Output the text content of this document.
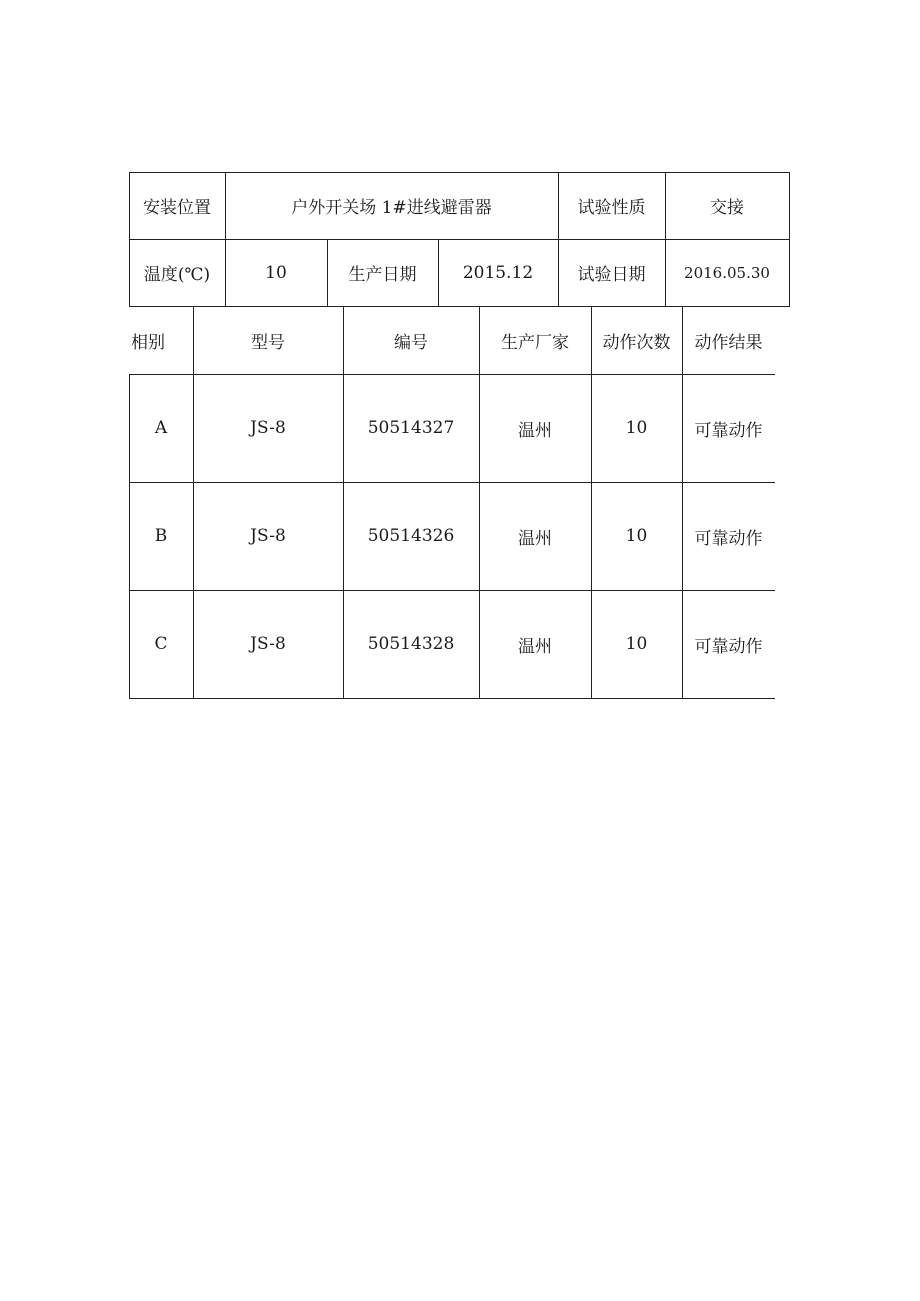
安装位置	户外开关场 1#进线避雷器	试验性质	交接
温度(℃)	10	生产日期	2015.12	试验日期	2016.05.30
相别	型号	编号	生产厂家	动作次数	动作结果
A	JS-8	50514327	温州	10	可靠动作
B	JS-8	50514326	温州	10	可靠动作
C	JS-8	50514328	温州	10	可靠动作
